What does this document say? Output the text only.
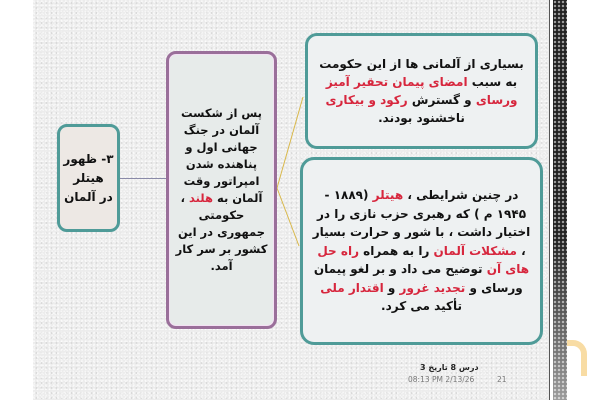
۳- ظهور
هیتلر
در آلمان
پس از شکست آلمان در جنگ جهانی اول و پناهنده شدن امپراتور وقت آلمان به هلند ، حکومتی جمهوری در این کشور بر سر کار آمد.
بسیاری از آلمانی ها از این حکومت به سبب امضای پیمان تحقیر آمیز ورسای و گسترش رکود و بیکاری ناخشنود بودند.
در چنین شرایطی ، هیتلر (۱۸۸۹ - ۱۹۴۵ م ) که رهبری حزب نازی را در اختیار داشت ، با شور و حرارت بسیار ، مشکلات آلمان را به همراه راه حل های آن توضیح می داد و بر لغو پیمان ورسای و تجدید غرور و اقتدار ملی تأکید می کرد.
درس 8 تاریخ 3
08:13 PM 2/13/26	21
